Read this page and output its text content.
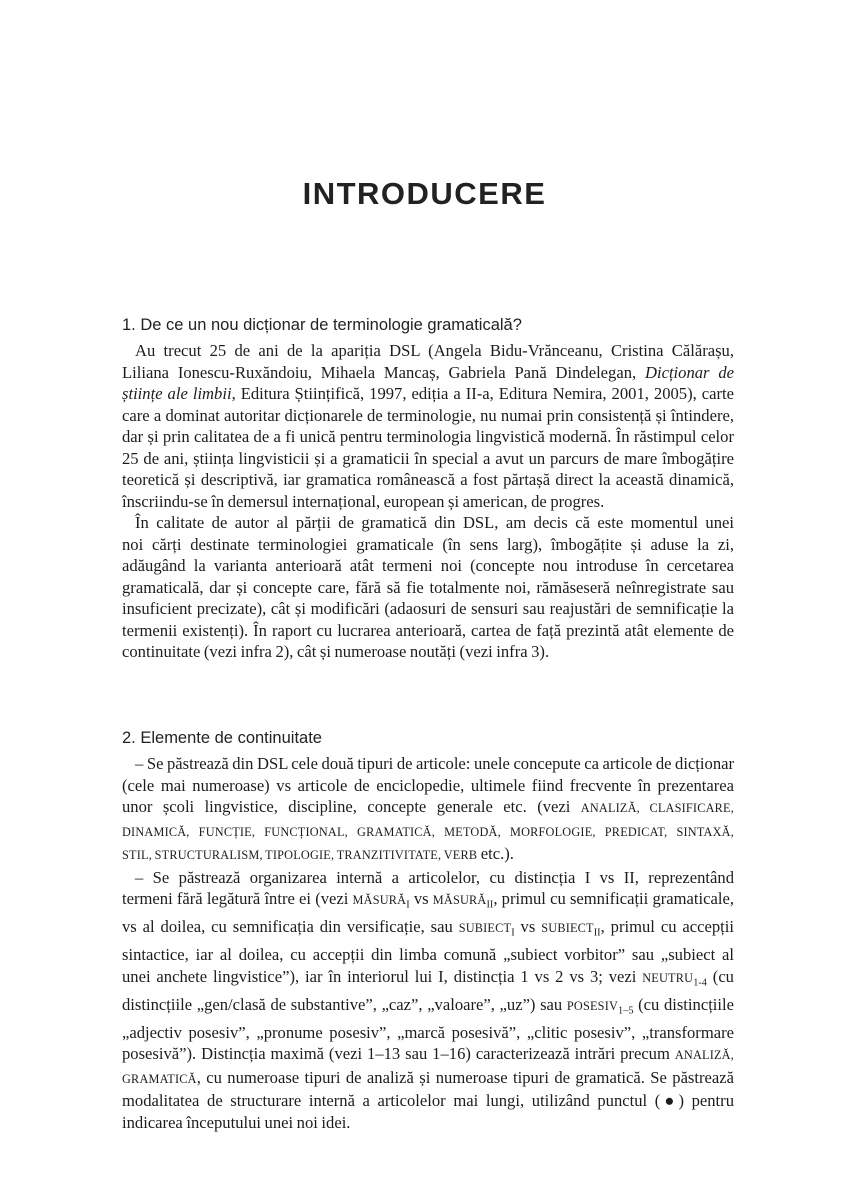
INTRODUCERE
1. De ce un nou dicționar de terminologie gramaticală?
Au trecut 25 de ani de la apariția DSL (Angela Bidu-Vrănceanu, Cristina Călărașu,
Liliana Ionescu-Ruxăndoiu, Mihaela Mancaș, Gabriela Pană Dindelegan, Dicționar de
științe ale limbii, Editura Științifică, 1997, ediția a II-a, Editura Nemira, 2001, 2005), carte
care a dominat autoritar dicționarele de terminologie, nu numai prin consistență și întindere,
dar și prin calitatea de a fi unică pentru terminologia lingvistică modernă. În răstimpul celor
25 de ani, știința lingvisticii și a gramaticii în special a avut un parcurs de mare îmbogățire
teoretică și descriptivă, iar gramatica românească a fost părtașă direct la această dinamică,
înscriindu-se în demersul internațional, european și american, de progres.
În calitate de autor al părții de gramatică din DSL, am decis că este momentul unei
noi cărți destinate terminologiei gramaticale (în sens larg), îmbogățite și aduse la zi,
adăugând la varianta anterioară atât termeni noi (concepte nou introduse în cercetarea
gramaticală, dar și concepte care, fără să fie totalmente noi, rămăseseră neînregistrate sau
insuficient precizate), cât și modificări (adaosuri de sensuri sau reajustări de semnificație la
termenii existenți). În raport cu lucrarea anterioară, cartea de față prezintă atât elemente de
continuitate (vezi infra 2), cât și numeroase noutăți (vezi infra 3).
2. Elemente de continuitate
– Se păstrează din DSL cele două tipuri de articole: unele concepute ca articole de dicționar
(cele mai numeroase) vs articole de enciclopedie, ultimele fiind frecvente în prezentarea
unor școli lingvistice, discipline, concepte generale etc. (vezi ANALIZĂ, CLASIFICARE,
DINAMICĂ, FUNCȚIE, FUNCȚIONAL, GRAMATICĂ, METODĂ, MORFOLOGIE, PREDICAT, SINTAXĂ,
STIL, STRUCTURALISM, TIPOLOGIE, TRANZITIVITATE, VERB etc.).
– Se păstrează organizarea internă a articolelor, cu distincția I vs II, reprezentând
termeni fără legătură între ei (vezi $MĂSURĂ_I$ vs $MĂSURĂ_{II}$, primul cu semnificații gramaticale,
vs al doilea, cu semnificația din versificație, sau $SUBIECT_I$ vs $SUBIECT_{II}$, primul cu accepții
sintactice, iar al doilea, cu accepții din limba comună „subiect vorbitor” sau „subiect al
unei anchete lingvistice”), iar în interiorul lui I, distincția 1 vs 2 vs 3; vezi $NEUTRU_{1-4}$ (cu
distincțiile „gen/clasă de substantive”, „caz”, „valoare”, „uz”) sau $POSESIV_{1-5}$ (cu distincțiile
„adjectiv posesiv”, „pronume posesiv”, „marcă posesivă”, „clitic posesiv”, „transformare
posesivă”). Distincția maximă (vezi 1–13 sau 1–16) caracterizează intrări precum ANALIZĂ,
GRAMATICĂ, cu numeroase tipuri de analiză și numeroase tipuri de gramatică. Se păstrează
modalitatea de structurare internă a articolelor mai lungi, utilizând punctul (●) pentru
indicarea începutului unei noi idei.
